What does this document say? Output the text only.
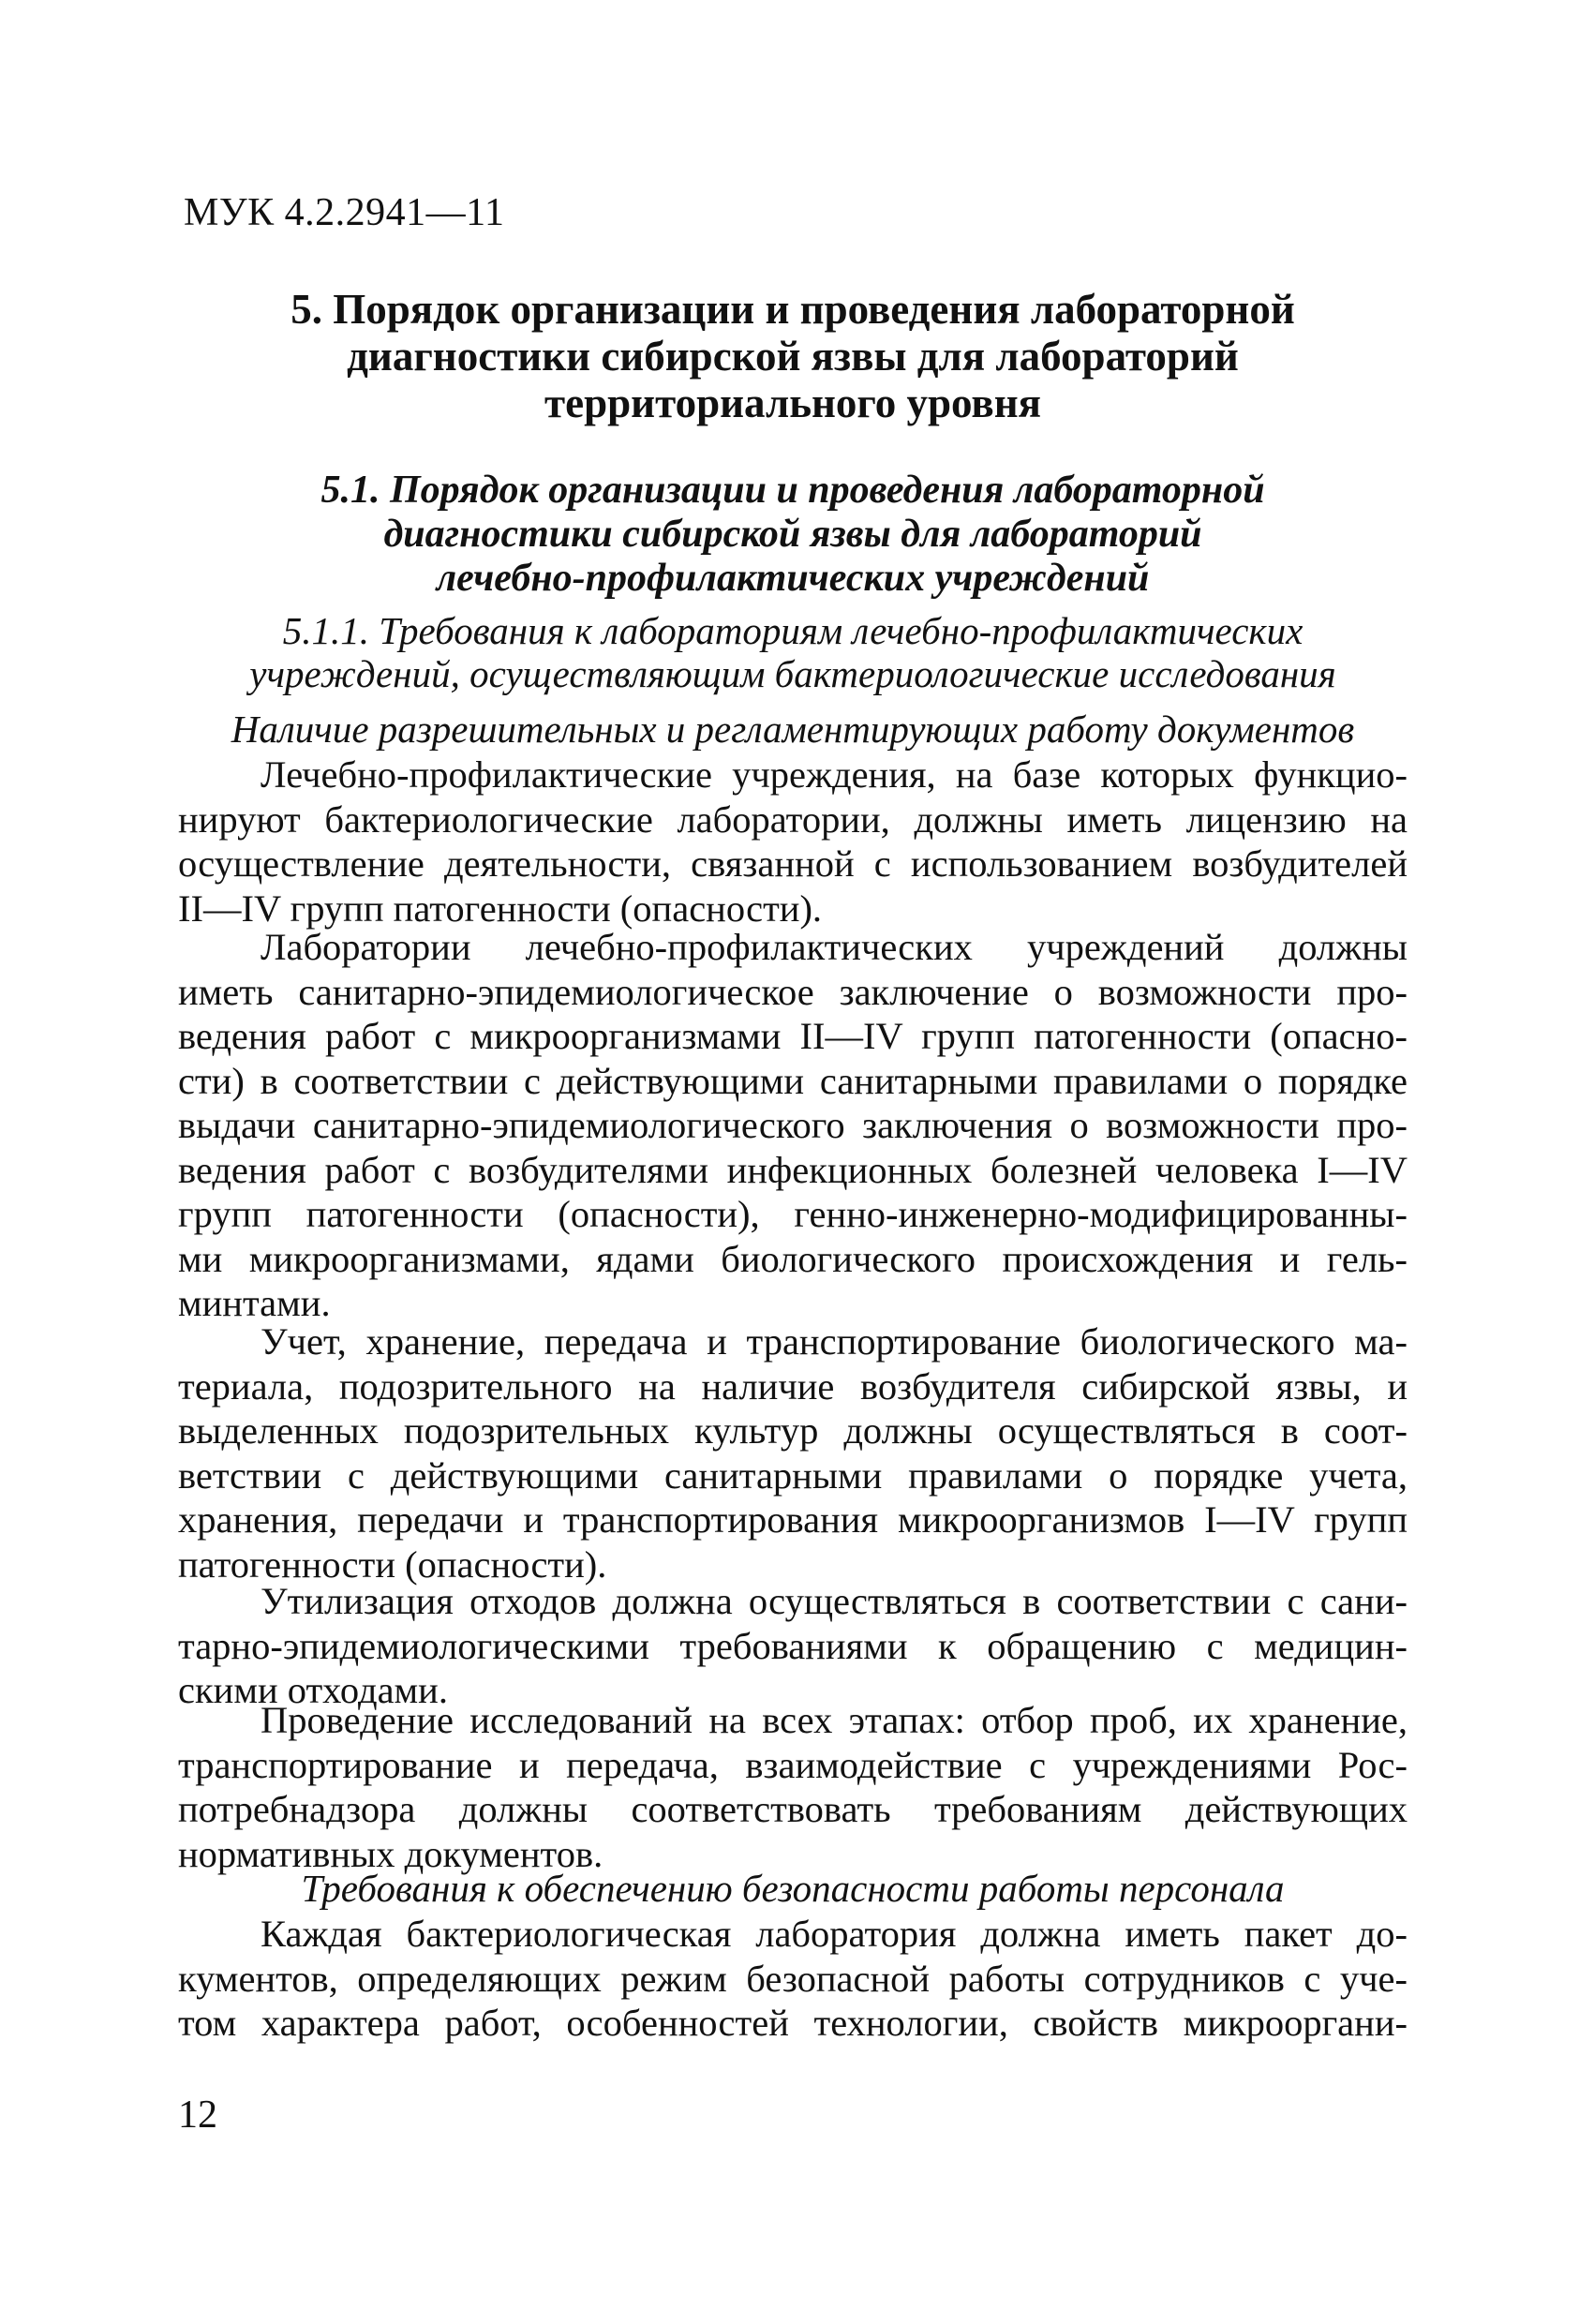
МУК 4.2.2941—11
5. Порядок организации и проведения лабораторной
диагностики сибирской язвы для лабораторий
территориального уровня
5.1. Порядок организации и проведения лабораторной
диагностики сибирской язвы для лабораторий
лечебно-профилактических учреждений
5.1.1. Требования к лабораториям лечебно-профилактических
учреждений, осуществляющим бактериологические исследования
Наличие разрешительных и регламентирующих работу документов
Лечебно-профилактические учреждения, на базе которых функцио-
нируют бактериологические лаборатории, должны иметь лицензию на
осуществление деятельности, связанной с использованием возбудителей
II—IV групп патогенности (опасности).
Лаборатории лечебно-профилактических учреждений должны
иметь санитарно-эпидемиологическое заключение о возможности про-
ведения работ с микроорганизмами II—IV групп патогенности (опасно-
сти) в соответствии с действующими санитарными правилами о порядке
выдачи санитарно-эпидемиологического заключения о возможности про-
ведения работ с возбудителями инфекционных болезней человека I—IV
групп патогенности (опасности), генно-инженерно-модифицированны-
ми микроорганизмами, ядами биологического происхождения и гель-
минтами.
Учет, хранение, передача и транспортирование биологического ма-
териала, подозрительного на наличие возбудителя сибирской язвы, и
выделенных подозрительных культур должны осуществляться в соот-
ветствии с действующими санитарными правилами о порядке учета,
хранения, передачи и транспортирования микроорганизмов I—IV групп
патогенности (опасности).
Утилизация отходов должна осуществляться в соответствии с сани-
тарно-эпидемиологическими требованиями к обращению с медицин-
скими отходами.
Проведение исследований на всех этапах: отбор проб, их хранение,
транспортирование и передача, взаимодействие с учреждениями Рос-
потребнадзора должны соответствовать требованиям действующих
нормативных документов.
Требования к обеспечению безопасности работы персонала
Каждая бактериологическая лаборатория должна иметь пакет до-
кументов, определяющих режим безопасной работы сотрудников с уче-
том характера работ, особенностей технологии, свойств микрооргани-
12
